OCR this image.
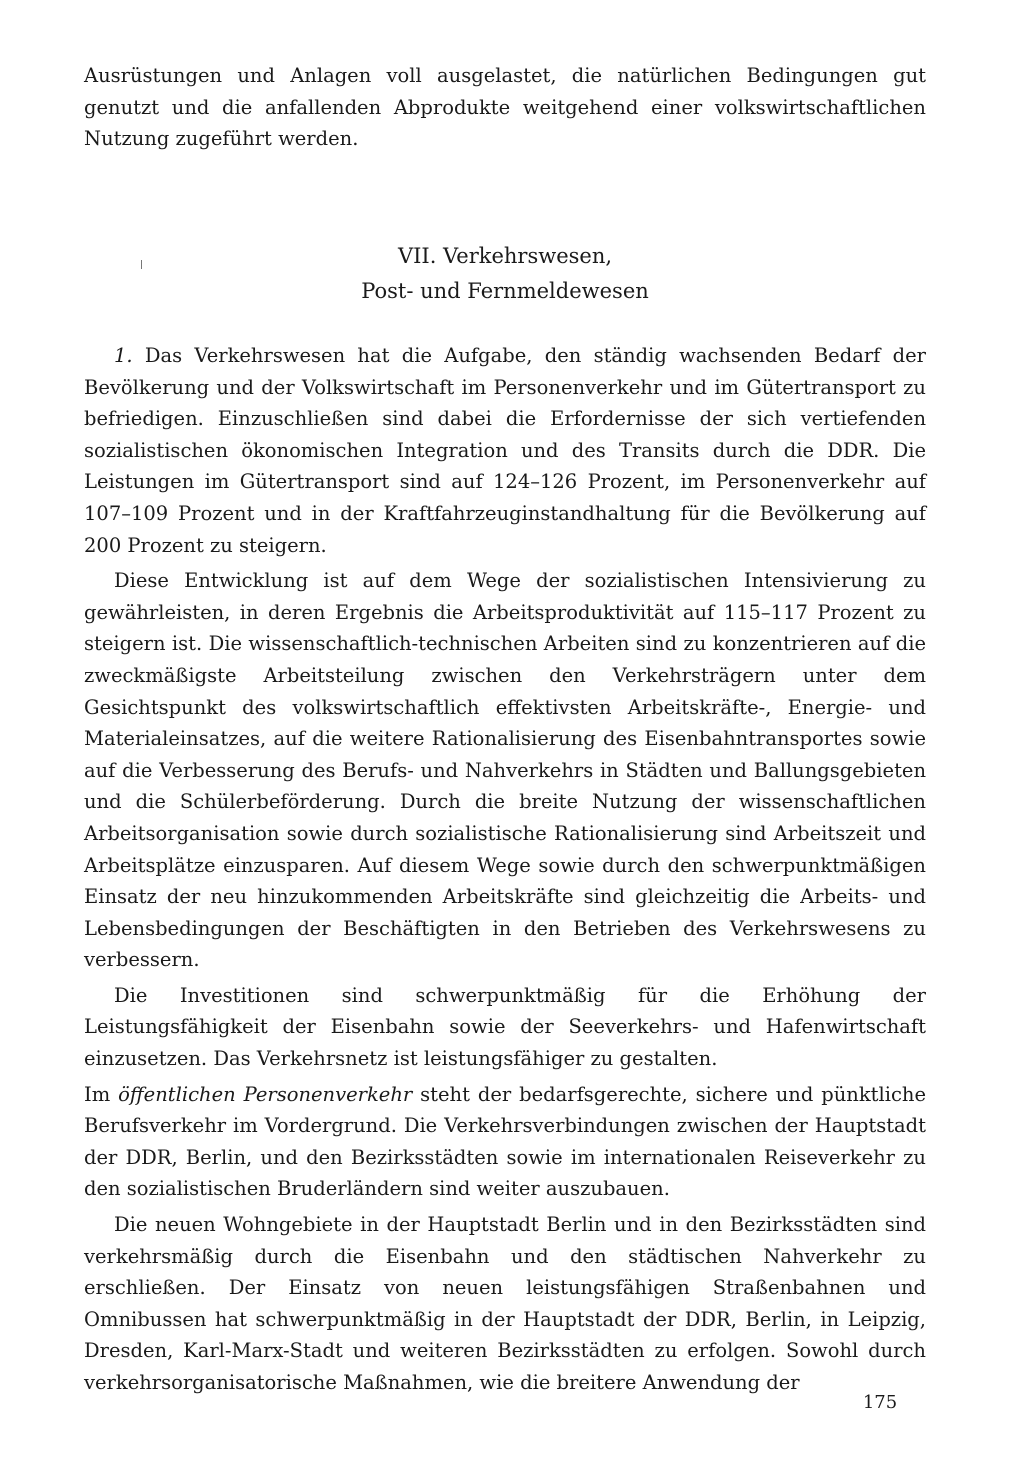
Ausrüstungen und Anlagen voll ausgelastet, die natürlichen Bedingungen gut genutzt und die anfallenden Abprodukte weitgehend einer volkswirtschaftlichen Nutzung zugeführt werden.

VII. Verkehrswesen,
Post- und Fernmeldewesen

1. Das Verkehrswesen hat die Aufgabe, den ständig wachsenden Bedarf der Bevölkerung und der Volkswirtschaft im Personenverkehr und im Gütertransport zu befriedigen. Einzuschließen sind dabei die Erfordernisse der sich vertiefenden sozialistischen ökonomischen Integration und des Transits durch die DDR. Die Leistungen im Gütertransport sind auf 124–126 Prozent, im Personenverkehr auf 107–109 Prozent und in der Kraftfahrzeuginstandhaltung für die Bevölkerung auf 200 Prozent zu steigern.

Diese Entwicklung ist auf dem Wege der sozialistischen Intensivierung zu gewährleisten, in deren Ergebnis die Arbeitsproduktivität auf 115–117 Prozent zu steigern ist. Die wissenschaftlich-technischen Arbeiten sind zu konzentrieren auf die zweckmäßigste Arbeitsteilung zwischen den Verkehrsträgern unter dem Gesichtspunkt des volkswirtschaftlich effektivsten Arbeitskräfte-, Energie- und Materialeinsatzes, auf die weitere Rationalisierung des Eisenbahntransportes sowie auf die Verbesserung des Berufs- und Nahverkehrs in Städten und Ballungsgebieten und die Schülerbeförderung. Durch die breite Nutzung der wissenschaftlichen Arbeitsorganisation sowie durch sozialistische Rationalisierung sind Arbeitszeit und Arbeitsplätze einzusparen. Auf diesem Wege sowie durch den schwerpunktmäßigen Einsatz der neu hinzukommenden Arbeitskräfte sind gleichzeitig die Arbeits- und Lebensbedingungen der Beschäftigten in den Betrieben des Verkehrswesens zu verbessern.

Die Investitionen sind schwerpunktmäßig für die Erhöhung der Leistungsfähigkeit der Eisenbahn sowie der Seeverkehrs- und Hafenwirtschaft einzusetzen. Das Verkehrsnetz ist leistungsfähiger zu gestalten.

Im öffentlichen Personenverkehr steht der bedarfsgerechte, sichere und pünktliche Berufsverkehr im Vordergrund. Die Verkehrsverbindungen zwischen der Hauptstadt der DDR, Berlin, und den Bezirksstädten sowie im internationalen Reiseverkehr zu den sozialistischen Bruderländern sind weiter auszubauen.

Die neuen Wohngebiete in der Hauptstadt Berlin und in den Bezirksstädten sind verkehrsmäßig durch die Eisenbahn und den städtischen Nahverkehr zu erschließen. Der Einsatz von neuen leistungsfähigen Straßenbahnen und Omnibussen hat schwerpunktmäßig in der Hauptstadt der DDR, Berlin, in Leipzig, Dresden, Karl-Marx-Stadt und weiteren Bezirksstädten zu erfolgen. Sowohl durch verkehrsorganisatorische Maßnahmen, wie die breitere Anwendung der

175
